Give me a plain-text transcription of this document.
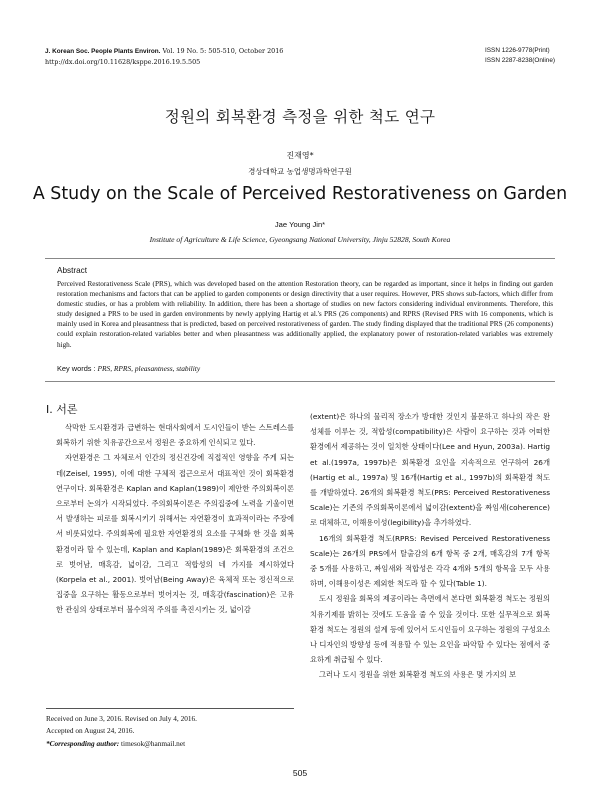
J. Korean Soc. People Plants Environ. Vol. 19 No. 5: 505-510, October 2016
http://dx.doi.org/10.11628/ksppe.2016.19.5.505
ISSN 1226-9778(Print)
ISSN 2287-8238(Online)
정원의 회복환경 측정을 위한 척도 연구
진재영*
경상대학교 농업생명과학연구원
A Study on the Scale of Perceived Restorativeness on Garden
Jae Young Jin*
Institute of Agriculture & Life Science, Gyeongsang National University, Jinju 52828, South Korea
Abstract
Perceived Restorativeness Scale (PRS), which was developed based on the attention Restoration theory, can be regarded as important, since it helps in finding out garden restoration mechanisms and factors that can be applied to garden components or design directivity that a user requires. However, PRS shows sub-factors, which differ from domestic studies, or has a problem with reliability. In addition, there has been a shortage of studies on new factors considering individual environments. Therefore, this study designed a PRS to be used in garden environments by newly applying Hartig et al.'s PRS (26 components) and RPRS (Revised PRS with 16 components, which is mainly used in Korea and pleasantness that is predicted, based on perceived restorativeness of garden. The study finding displayed that the traditional PRS (26 components) could explain restoration-related variables better and when pleasantness was additionally applied, the explanatory power of restoration-related variables was extremely high.
Key words : PRS, RPRS, pleasantness, stability
Ⅰ. 서론

삭막한 도시환경과 급변하는 현대사회에서 도시인들이 받는 스트레스를 회복하기 위한 치유공간으로서 정원은 중요하게 인식되고 있다.

자연환경은 그 자체로서 인간의 정신건강에 직접적인 영향을 주게 되는데(Zeisel, 1995), 이에 대한 구체적 접근으로서 대표적인 것이 회복환경 연구이다. 회복환경은 Kaplan and Kaplan(1989)이 제안한 주의회복이론으로부터 논의가 시작되었다. 주의회복이론은 주의집중에 노력을 기울이면서 발생하는 피로를 회복시키기 위해서는 자연환경이 효과적이라는 주장에서 비롯되었다. 주의회복에 필요한 자연환경의 요소를 구체화 한 것을 회복환경이라 할 수 있는데, Kaplan and Kaplan(1989)은 회복환경의 조건으로 벗어남, 매혹감, 넓이감, 그리고 적합성의 네 가지를 제시하였다(Korpela et al., 2001). 벗어남(Being Away)은 육체적 또는 정신적으로 집중을 요구하는 활동으로부터 벗어지는 것, 매혹감(fascination)은 고유한 관심의 상태로부터 불수의적 주의를 촉진시키는 것, 넓이감

(extent)은 하나의 물리적 장소가 방대한 것인지 불문하고 하나의 작은 완성체를 이루는 것, 적합성(compatibility)은 사람이 요구하는 것과 어떠한 환경에서 제공하는 것이 일치한 상태이다(Lee and Hyun, 2003a). Hartig et al.(1997a, 1997b)은 회복환경 요인을 지속적으로 연구하여 26개(Hartig et al., 1997a) 및 16개(Hartig et al., 1997b)의 회복환경 척도를 개발하였다. 26개의 회복환경 척도(PRS: Perceived Restorativeness Scale)는 기존의 주의회복이론에서 넓이감(extent)을 짜임새(coherence)로 대체하고, 이해용이성(legibility)을 추가하였다.

16개의 회복환경 척도(RPRS: Revised Perceived Restorativeness Scale)는 26개의 PRS에서 탈출감의 6개 항목 중 2개, 매혹감의 7개 항목 중 5개를 사용하고, 짜임새와 적합성은 각각 4개와 5개의 항목을 모두 사용하며, 이해용이성은 제외한 척도라 할 수 있다(Table 1).

도시 정원을 회복의 제공이라는 측면에서 본다면 회복환경 척도는 정원의 치유기제를 밝히는 것에도 도움을 줄 수 있을 것이다. 또한 실무적으로 회복환경 척도는 정원의 설계 등에 있어서 도시인들이 요구하는 정원의 구성요소나 디자인의 방향성 등에 적용할 수 있는 요인을 파악할 수 있다는 점에서 중요하게 취급될 수 있다.

그러나 도시 정원을 위한 회복환경 척도의 사용은 몇 가지의 보

Received on June 3, 2016. Revised on July 4, 2016.
Accepted on August 24, 2016.
*Corresponding author: timesok@hanmail.net
505
